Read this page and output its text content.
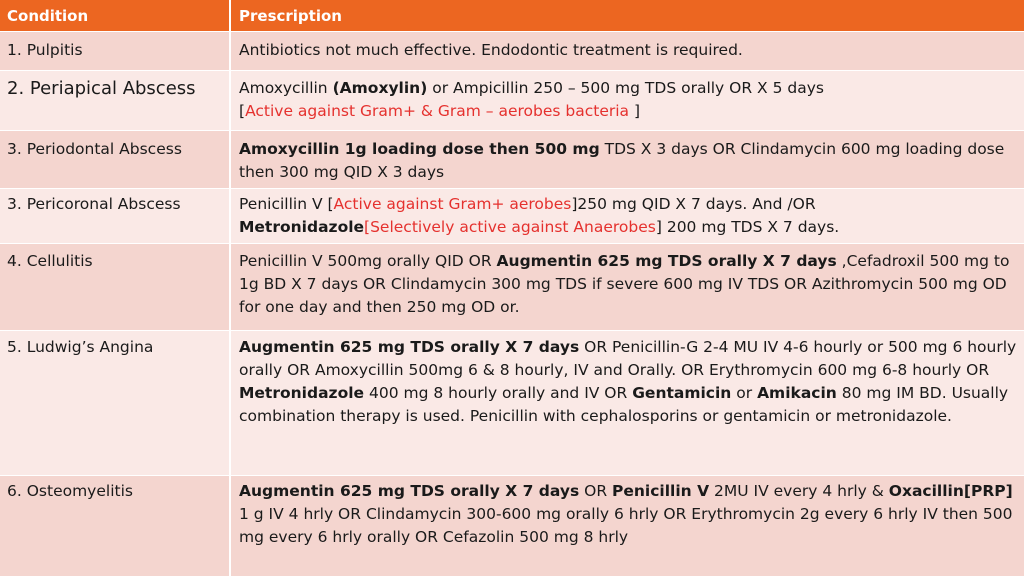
Condition	Prescription
1. Pulpitis	Antibiotics not much effective. Endodontic treatment is required.
2. Periapical Abscess	Amoxycillin (Amoxylin) or Ampicillin 250 – 500 mg TDS orally OR X 5 days
[Active against Gram+ & Gram – aerobes bacteria ]
3. Periodontal Abscess	Amoxycillin 1g loading dose then 500 mg TDS X 3 days OR Clindamycin 600 mg loading dose then 300 mg QID X 3 days
3. Pericoronal Abscess	Penicillin V [Active against Gram+ aerobes]250 mg QID X 7 days. And /OR Metronidazole[Selectively active against Anaerobes] 200 mg TDS X 7 days.
4. Cellulitis	Penicillin V 500mg orally QID OR Augmentin 625 mg TDS orally X 7 days ,Cefadroxil 500 mg to 1g BD X 7 days OR Clindamycin 300 mg TDS if severe 600 mg IV TDS OR Azithromycin 500 mg OD for one day and then 250 mg OD or.
5. Ludwig’s Angina	Augmentin 625 mg TDS orally X 7 days OR Penicillin-G 2-4 MU IV 4-6 hourly or 500 mg 6 hourly orally OR Amoxycillin 500mg 6 & 8 hourly, IV and Orally. OR Erythromycin 600 mg 6-8 hourly OR Metronidazole 400 mg 8 hourly orally and IV OR Gentamicin or Amikacin 80 mg IM BD. Usually combination therapy is used. Penicillin with cephalosporins or gentamicin or metronidazole.
6. Osteomyelitis	Augmentin 625 mg TDS orally X 7 days OR Penicillin V 2MU IV every 4 hrly & Oxacillin[PRP] 1 g IV 4 hrly OR Clindamycin 300-600 mg orally 6 hrly OR Erythromycin 2g every 6 hrly IV then 500 mg every 6 hrly orally OR Cefazolin 500 mg 8 hrly
